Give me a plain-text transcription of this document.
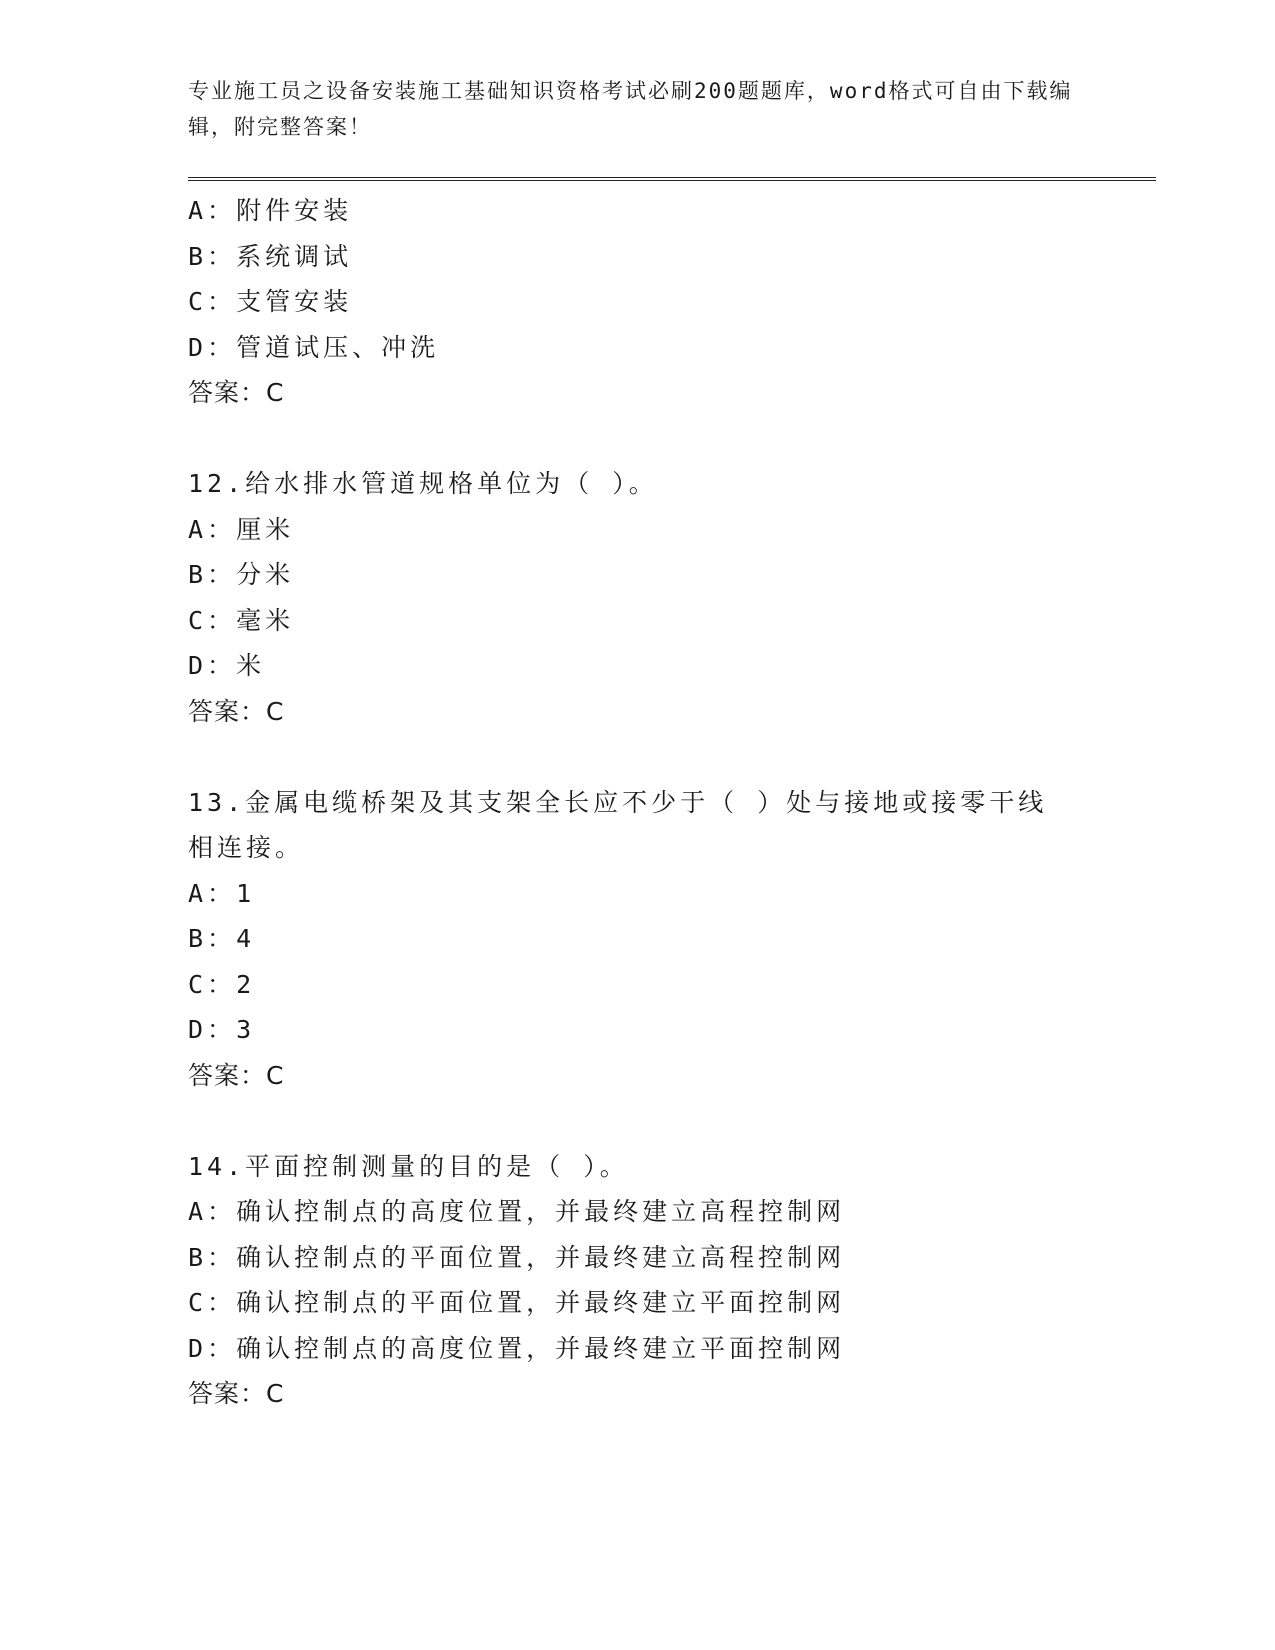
专业施工员之设备安装施工基础知识资格考试必刷200题题库，word格式可自由下载编辑，附完整答案！
A：附件安装
B：系统调试
C：支管安装
D：管道试压、冲洗
答案：C
12.给水排水管道规格单位为（ ）。
A：厘米
B：分米
C：毫米
D：米
答案：C
13.金属电缆桥架及其支架全长应不少于（ ）处与接地或接零干线相连接。
A：1
B：4
C：2
D：3
答案：C
14.平面控制测量的目的是（ ）。
A：确认控制点的高度位置，并最终建立高程控制网
B：确认控制点的平面位置，并最终建立高程控制网
C：确认控制点的平面位置，并最终建立平面控制网
D：确认控制点的高度位置，并最终建立平面控制网
答案：C
